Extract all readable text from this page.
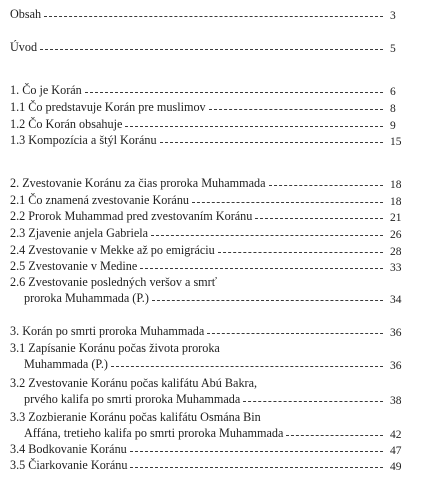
Obsah	3
Úvod	5
1. Čo je Korán	6
1.1 Čo predstavuje Korán pre muslimov	8
1.2 Čo Korán obsahuje	9
1.3 Kompozícia a štýl Koránu	15
2. Zvestovanie Koránu za čias proroka Muhammada	18
2.1 Čo znamená zvestovanie Koránu	18
2.2 Prorok Muhammad pred zvestovaním Koránu	21
2.3 Zjavenie anjela Gabriela	26
2.4 Zvestovanie v Mekke až po emigráciu	28
2.5 Zvestovanie v Medine	33
2.6 Zvestovanie posledných veršov a smrť
proroka Muhammada (P.)	34
3. Korán po smrti proroka Muhammada	36
3.1 Zapísanie Koránu počas života proroka
Muhammada (P.)	36
3.2 Zvestovanie Koránu počas kalifátu Abú Bakra,
prvého kalifa po smrti proroka Muhammada	38
3.3 Zozbieranie Koránu počas kalifátu Osmána Bin
Affána, tretieho kalifa po smrti proroka Muhammada	42
3.4 Bodkovanie Koránu	47
3.5 Čiarkovanie Koránu	49
